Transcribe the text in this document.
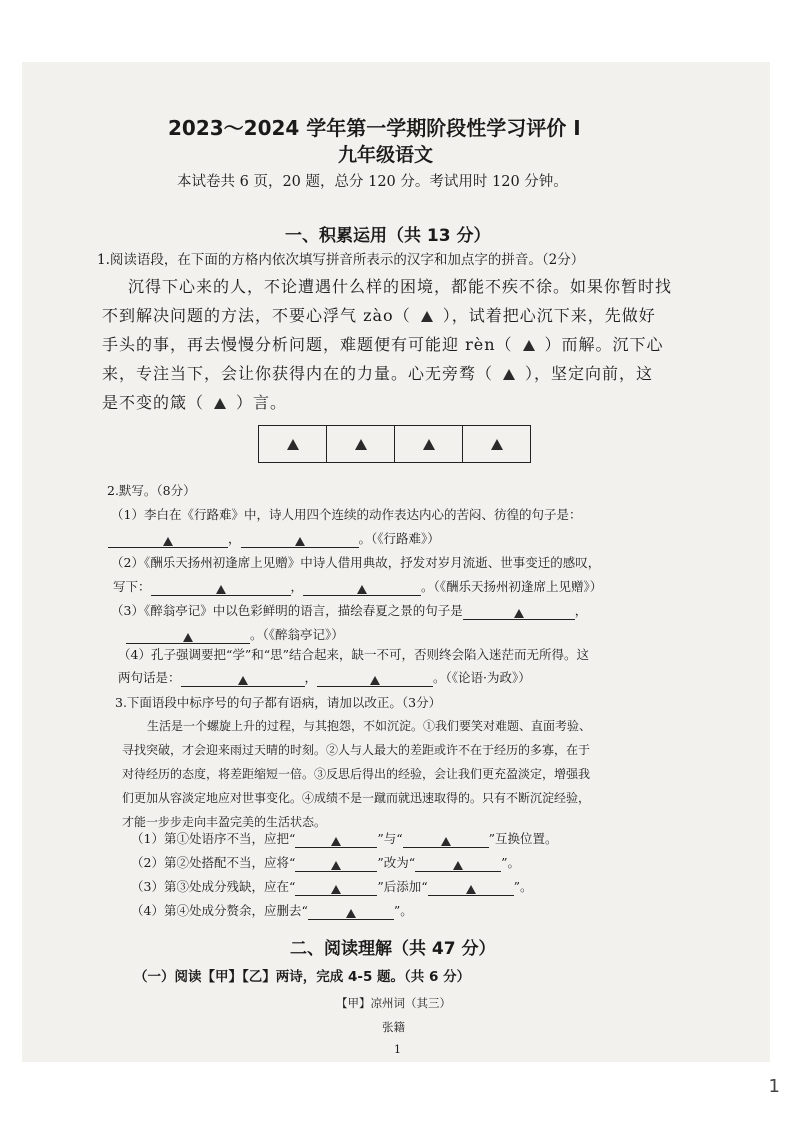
2023～2024 学年第一学期阶段性学习评价 Ⅰ
九年级语文
本试卷共 6 页，20 题，总分 120 分。考试用时 120 分钟。
一、积累运用（共 13 分）
1.阅读语段，在下面的方格内依次填写拼音所表示的汉字和加点字的拼音。（2分）
沉得下心来的人，不论遭遇什么样的困境，都能不疾不徐。如果你暂时找
不到解决问题的方法，不要心浮气 zào（ ），试着把心沉下来，先做好
手头的事，再去慢慢分析问题，难题便有可能迎 rèn（ ）而解。沉下心
来，专注当下，会让你获得内在的力量。心无旁骛（ ），坚定向前，这
是不变的箴（ ）言。
2.默写。（8分）
（1）李白在《行路难》中，诗人用四个连续的动作表达内心的苦闷、彷徨的句子是：
，	。（《行路难》）
（2）《酬乐天扬州初逢席上见赠》中诗人借用典故，抒发对岁月流逝、世事变迁的感叹，
写下：	，	。（《酬乐天扬州初逢席上见赠》）
（3）《醉翁亭记》中以色彩鲜明的语言，描绘春夏之景的句子是	，
。（《醉翁亭记》）
（4）孔子强调要把“学”和“思”结合起来，缺一不可，否则终会陷入迷茫而无所得。这
两句话是：	，	。（《论语·为政》）
3.下面语段中标序号的句子都有语病，请加以改正。（3分）
生活是一个螺旋上升的过程，与其抱怨，不如沉淀。①我们要笑对难题、直面考验、
寻找突破，才会迎来雨过天晴的时刻。②人与人最大的差距或许不在于经历的多寡，在于
对待经历的态度，将差距缩短一倍。③反思后得出的经验，会让我们更充盈淡定，增强我
们更加从容淡定地应对世事变化。④成绩不是一蹴而就迅速取得的。只有不断沉淀经验，
才能一步步走向丰盈完美的生活状态。
（1）第①处语序不当，应把“	”与“	”互换位置。
（2）第②处搭配不当，应将“	”改为“	”。
（3）第③处成分残缺，应在“	”后添加“	”。
（4）第④处成分赘余，应删去“	”。
二、阅读理解（共 47 分）
（一）阅读【甲】【乙】两诗，完成 4-5 题。（共 6 分）
【甲】凉州词（其三）
张籍
1
1
